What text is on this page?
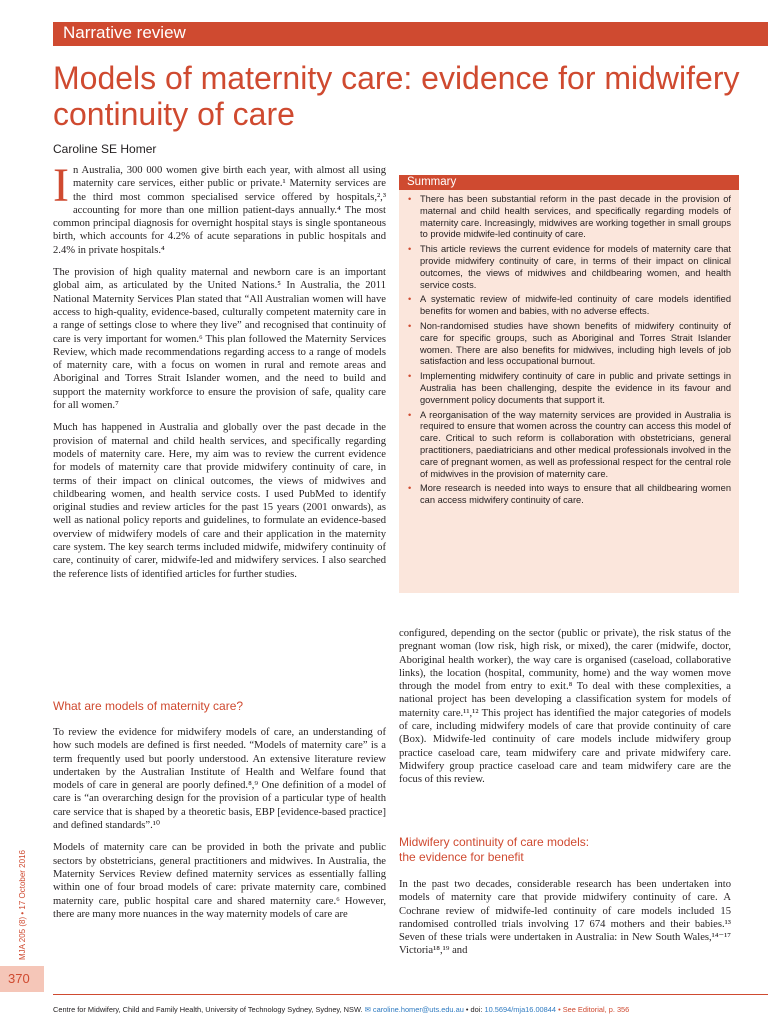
Narrative review
Models of maternity care: evidence for midwifery continuity of care
Caroline SE Homer

In Australia, 300 000 women give birth each year, with almost all using maternity care services, either public or private.¹ Maternity services are the third most common specialised service offered by hospitals,²,³ accounting for more than one million patient-days annually.⁴ The most common principal diagnosis for overnight hospital stays is single spontaneous birth, which accounts for 4.2% of acute separations in public hospitals and 2.4% in private hospitals.⁴

The provision of high quality maternal and newborn care is an important global aim, as articulated by the United Nations.⁵ In Australia, the 2011 National Maternity Services Plan stated that “All Australian women will have access to high-quality, evidence-based, culturally competent maternity care in a range of settings close to where they live” and recognised that continuity of care is very important for women.⁶ This plan followed the Maternity Services Review, which made recommendations regarding access to a range of models of maternity care, with a focus on women in rural and remote areas and Aboriginal and Torres Strait Islander women, and the need to build and support the maternity workforce to ensure the provision of safe, quality care for all women.⁷

Much has happened in Australia and globally over the past decade in the provision of maternal and child health services, and specifically regarding models of maternity care. Here, my aim was to review the current evidence for models of maternity care that provide midwifery continuity of care, in terms of their impact on clinical outcomes, the views of midwives and childbearing women, and health service costs. I used PubMed to identify original studies and review articles for the past 15 years (2001 onwards), as well as national policy reports and guidelines, to formulate an evidence-based overview of midwifery models of care and their application in the maternity care system. The key search terms included midwife, midwifery continuity of care, continuity of carer, midwife-led and midwifery services. I also searched the reference lists of identified articles for further studies.

What are models of maternity care?

To review the evidence for midwifery models of care, an understanding of how such models are defined is first needed. “Models of maternity care” is a term frequently used but poorly understood. An extensive literature review undertaken by the Australian Institute of Health and Welfare found that models of care in general are poorly defined.⁸,⁹ One definition of a model of care is “an overarching design for the provision of a particular type of health care service that is shaped by a theoretic basis, EBP [evidence-based practice] and defined standards”.¹⁰

Models of maternity care can be provided in both the private and public sectors by obstetricians, general practitioners and midwives. In Australia, the Maternity Services Review defined maternity services as essentially falling within one of four broad models of care: private maternity care, combined maternity care, public hospital care and shared maternity care.⁶ However, there are many more nuances in the way maternity models of care are

Summary
• There has been substantial reform in the past decade in the provision of maternal and child health services, and specifically regarding models of maternity care. Increasingly, midwives are working together in small groups to provide midwife-led continuity of care.
• This article reviews the current evidence for models of maternity care that provide midwifery continuity of care, in terms of their impact on clinical outcomes, the views of midwives and childbearing women, and health service costs.
• A systematic review of midwife-led continuity of care models identified benefits for women and babies, with no adverse effects.
• Non-randomised studies have shown benefits of midwifery continuity of care for specific groups, such as Aboriginal and Torres Strait Islander women. There are also benefits for midwives, including high levels of job satisfaction and less occupational burnout.
• Implementing midwifery continuity of care in public and private settings in Australia has been challenging, despite the evidence in its favour and government policy documents that support it.
• A reorganisation of the way maternity services are provided in Australia is required to ensure that women across the country can access this model of care. Critical to such reform is collaboration with obstetricians, general practitioners, paediatricians and other medical professionals involved in the care of pregnant women, as well as professional respect for the central role of midwives in the provision of maternity care.
• More research is needed into ways to ensure that all childbearing women can access midwifery continuity of care.

configured, depending on the sector (public or private), the risk status of the pregnant woman (low risk, high risk, or mixed), the carer (midwife, doctor, Aboriginal health worker), the way care is organised (caseload, collaborative links), the location (hospital, community, home) and the way women move through the model from entry to exit.⁸ To deal with these complexities, a national project has been developing a classification system for models of maternity care.¹¹,¹² This project has identified the major categories of models of care, including midwifery models of care that provide continuity of care (Box). Midwife-led continuity of care models include midwifery group practice caseload care, team midwifery care and private midwifery care. Midwifery group practice caseload care and team midwifery care are the focus of this review.

Midwifery continuity of care models:
the evidence for benefit

In the past two decades, considerable research has been undertaken into models of maternity care that provide midwifery continuity of care. A Cochrane review of midwife-led continuity of care models included 15 randomised controlled trials involving 17 674 mothers and their babies.¹³ Seven of these trials were undertaken in Australia: in New South Wales,¹⁴⁻¹⁷ Victoria¹⁸,¹⁹ and

MJA 205 (8) • 17 October 2016
370
Centre for Midwifery, Child and Family Health, University of Technology Sydney, Sydney, NSW. ✉ caroline.homer@uts.edu.au • doi: 10.5694/mja16.00844 • See Editorial, p. 356
